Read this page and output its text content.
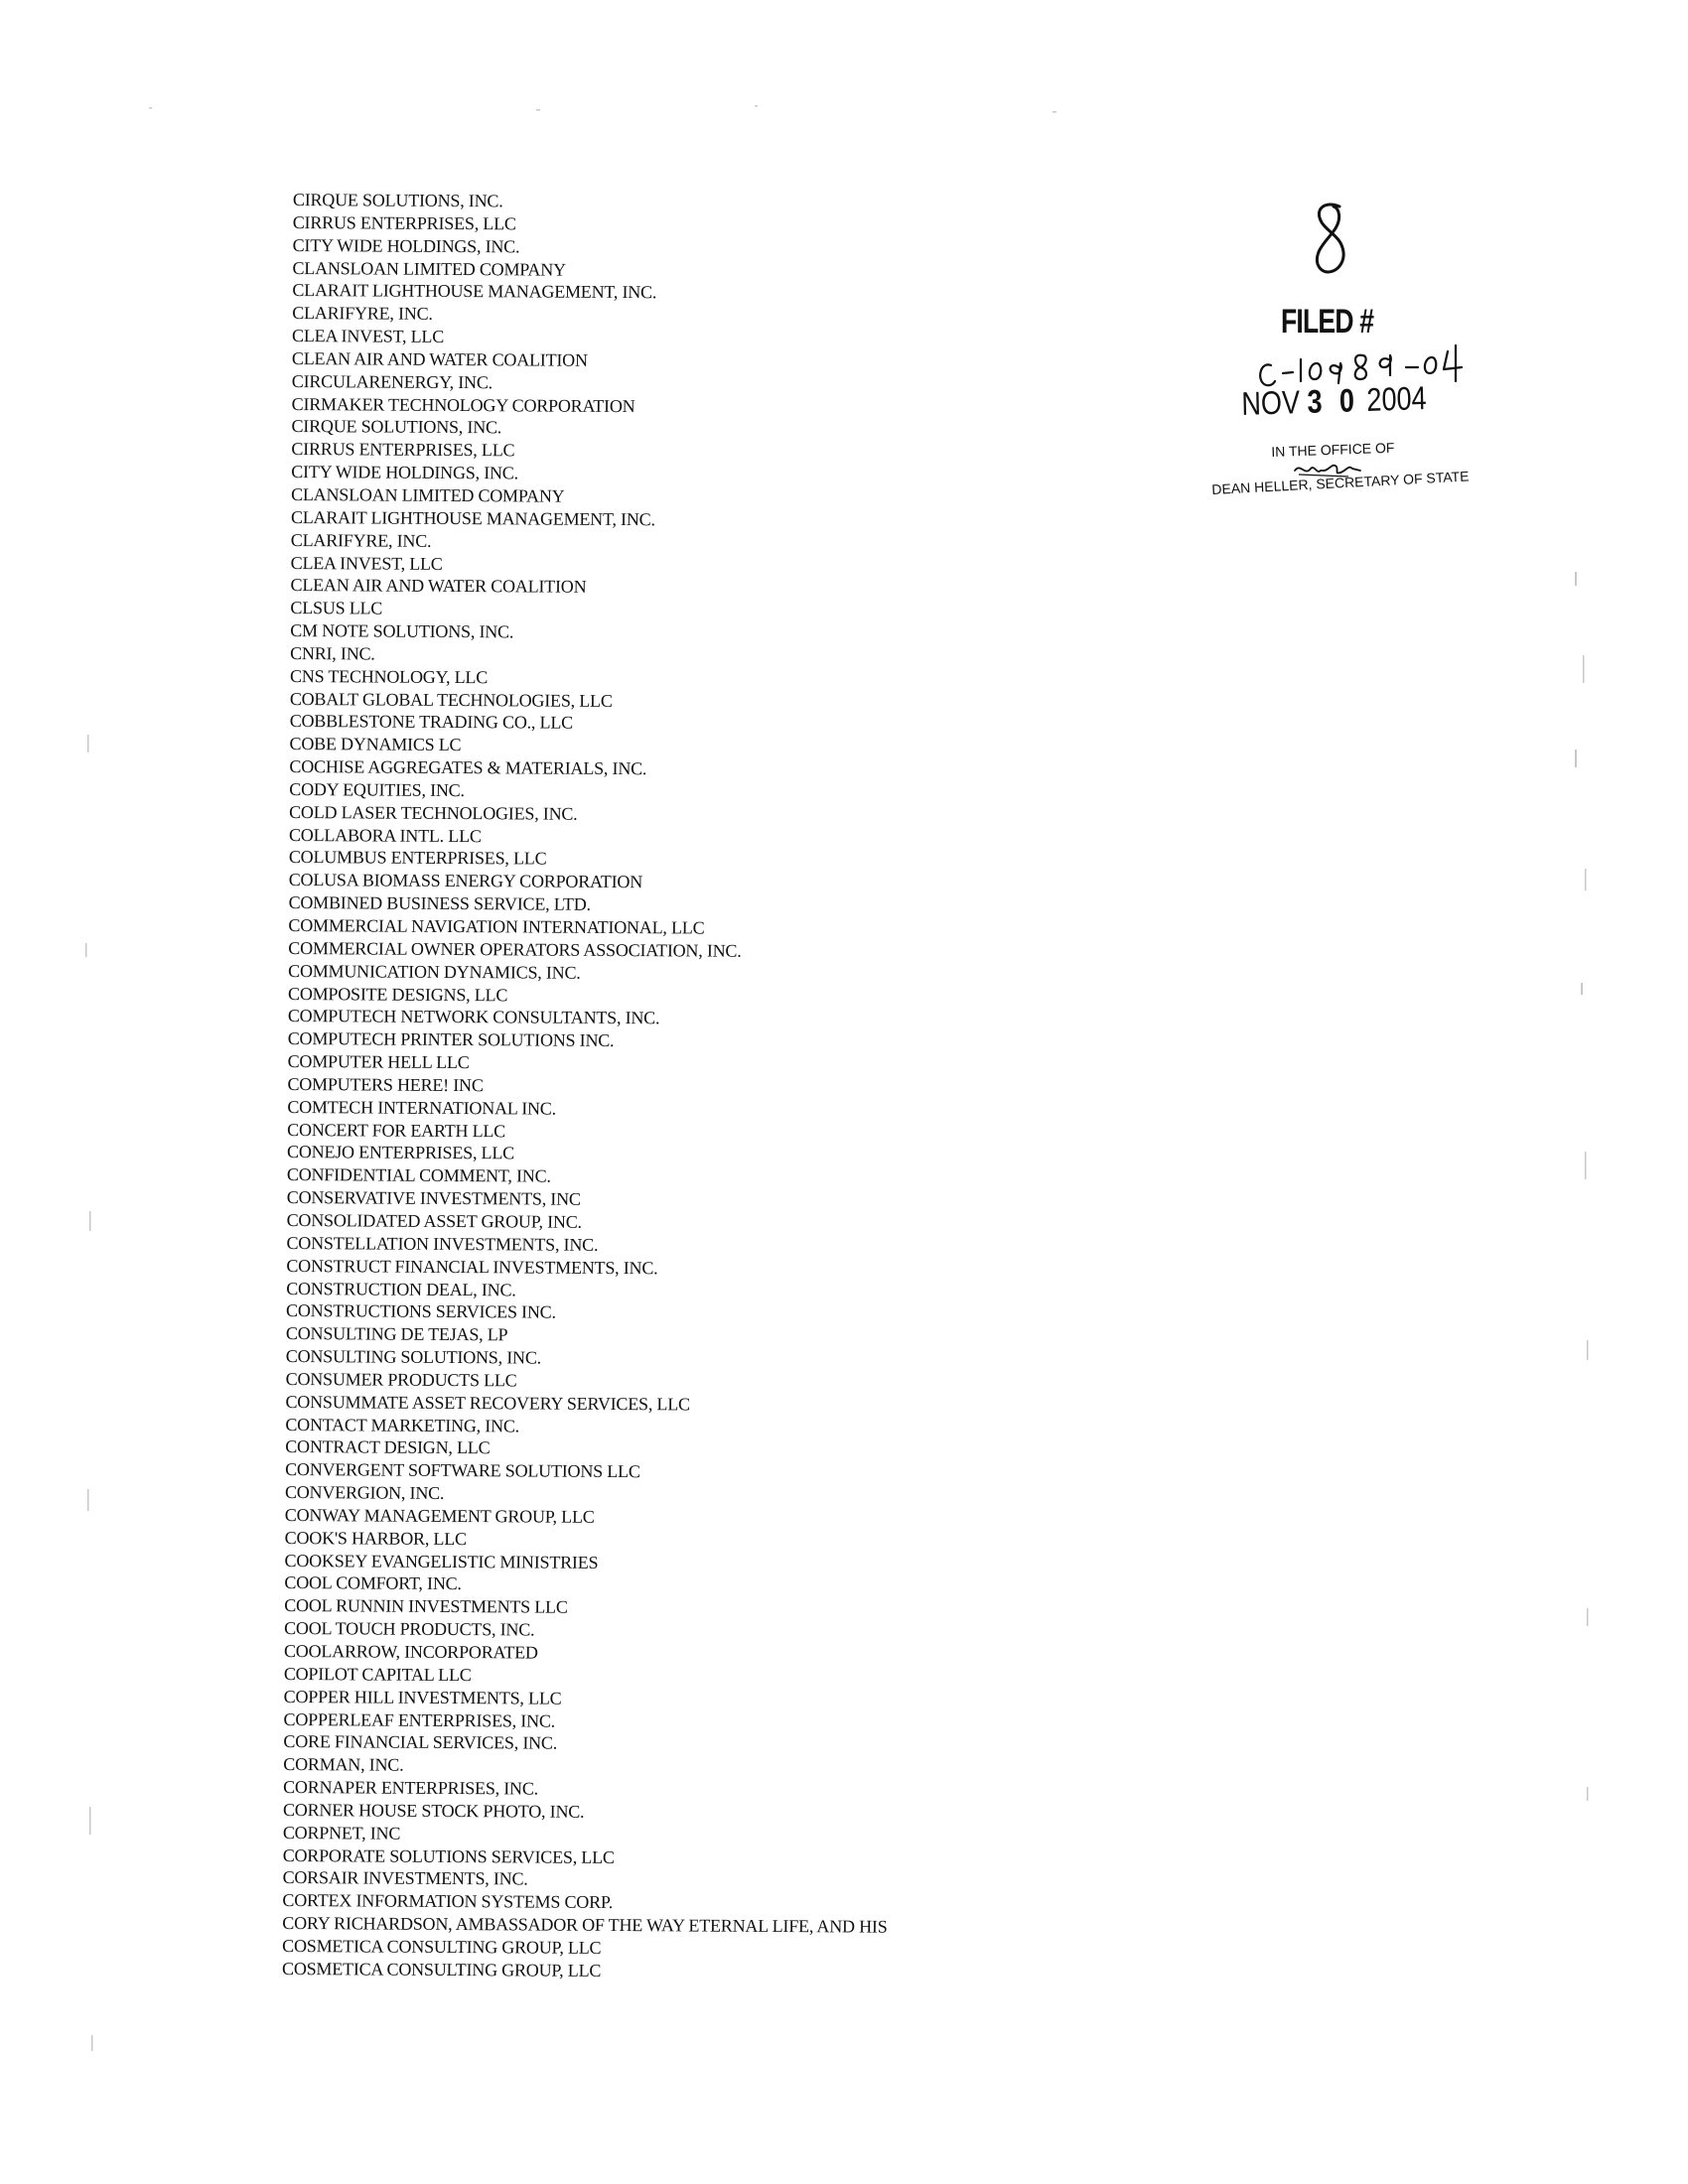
CIRQUE SOLUTIONS, INC.
CIRRUS ENTERPRISES, LLC
CITY WIDE HOLDINGS, INC.
CLANSLOAN LIMITED COMPANY
CLARAIT LIGHTHOUSE MANAGEMENT, INC.
CLARIFYRE, INC.
CLEA INVEST, LLC
CLEAN AIR AND WATER COALITION
CIRCULARENERGY, INC.
CIRMAKER TECHNOLOGY CORPORATION
CIRQUE SOLUTIONS, INC.
CIRRUS ENTERPRISES, LLC
CITY WIDE HOLDINGS, INC.
CLANSLOAN LIMITED COMPANY
CLARAIT LIGHTHOUSE MANAGEMENT, INC.
CLARIFYRE, INC.
CLEA INVEST, LLC
CLEAN AIR AND WATER COALITION
CLSUS LLC
CM NOTE SOLUTIONS, INC.
CNRI, INC.
CNS TECHNOLOGY, LLC
COBALT GLOBAL TECHNOLOGIES, LLC
COBBLESTONE TRADING CO., LLC
COBE DYNAMICS LC
COCHISE AGGREGATES & MATERIALS, INC.
CODY EQUITIES, INC.
COLD LASER TECHNOLOGIES, INC.
COLLABORA INTL. LLC
COLUMBUS ENTERPRISES, LLC
COLUSA BIOMASS ENERGY CORPORATION
COMBINED BUSINESS SERVICE, LTD.
COMMERCIAL NAVIGATION INTERNATIONAL, LLC
COMMERCIAL OWNER OPERATORS ASSOCIATION, INC.
COMMUNICATION DYNAMICS, INC.
COMPOSITE DESIGNS, LLC
COMPUTECH NETWORK CONSULTANTS, INC.
COMPUTECH PRINTER SOLUTIONS INC.
COMPUTER HELL LLC
COMPUTERS HERE! INC
COMTECH INTERNATIONAL INC.
CONCERT FOR EARTH LLC
CONEJO ENTERPRISES, LLC
CONFIDENTIAL COMMENT, INC.
CONSERVATIVE INVESTMENTS, INC
CONSOLIDATED ASSET GROUP, INC.
CONSTELLATION INVESTMENTS, INC.
CONSTRUCT FINANCIAL INVESTMENTS, INC.
CONSTRUCTION DEAL, INC.
CONSTRUCTIONS SERVICES INC.
CONSULTING DE TEJAS, LP
CONSULTING SOLUTIONS, INC.
CONSUMER PRODUCTS LLC
CONSUMMATE ASSET RECOVERY SERVICES, LLC
CONTACT MARKETING, INC.
CONTRACT DESIGN, LLC
CONVERGENT SOFTWARE SOLUTIONS LLC
CONVERGION, INC.
CONWAY MANAGEMENT GROUP, LLC
COOK'S HARBOR, LLC
COOKSEY EVANGELISTIC MINISTRIES
COOL COMFORT, INC.
COOL RUNNIN INVESTMENTS LLC
COOL TOUCH PRODUCTS, INC.
COOLARROW, INCORPORATED
COPILOT CAPITAL LLC
COPPER HILL INVESTMENTS, LLC
COPPERLEAF ENTERPRISES, INC.
CORE FINANCIAL SERVICES, INC.
CORMAN, INC.
CORNAPER ENTERPRISES, INC.
CORNER HOUSE STOCK PHOTO, INC.
CORPNET, INC
CORPORATE SOLUTIONS SERVICES, LLC
CORSAIR INVESTMENTS, INC.
CORTEX INFORMATION SYSTEMS CORP.
CORY RICHARDSON, AMBASSADOR OF THE WAY ETERNAL LIFE, AND HIS
COSMETICA CONSULTING GROUP, LLC
COSMETICA CONSULTING GROUP, LLC
FILED #
NOV 3 0 2004
IN THE OFFICE OF
DEAN HELLER, SECRETARY OF STATE
